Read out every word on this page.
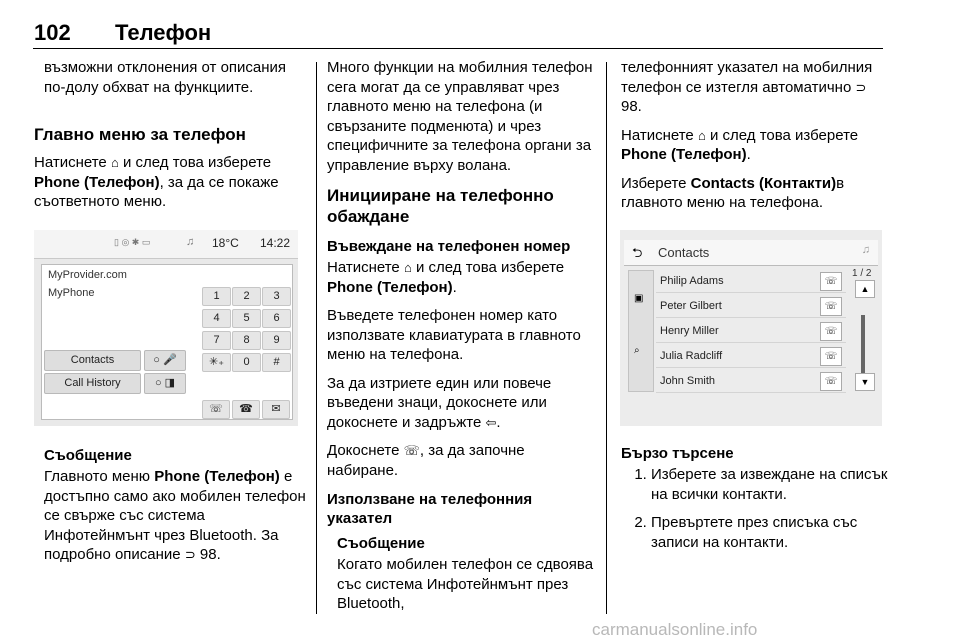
102 Телефон

възможни отклонения от описания по-долу обхват на функциите.

Главно меню за телефон

Натиснете ⌂ и след това изберете Phone (Телефон), за да се покаже съответното меню.

▯ ◎ ✱ ▭	♫ 18°C 14:22
MyProvider.com
MyPhone	1	2	3
4	5	6
7	8	9
✳₊	0	#
Contacts
Call History
○ 🎤
○ ◨
☏	☎	✉
Съобщение

Главното меню Phone (Телефон) е достъпно само ако мобилен телефон се свърже със система Инфотейнмънт чрез Bluetooth. За подробно описание ⊃ 98.

Много функции на мобилния телефон сега могат да се управляват чрез главното меню на телефона (и свързаните подменюта) и чрез специфичните за телефона органи за управление върху волана.

Иницииране на телефонно обаждане
Въвеждане на телефонен номер

Натиснете ⌂ и след това изберете Phone (Телефон).

Въведете телефонен номер като използвате клавиатурата в главното меню на телефона.

За да изтриете един или повече въведени знаци, докоснете или докоснете и задръжте ⇦.

Докоснете ☏, за да започне набиране.

Използване на телефонния указател
Съобщение

Когато мобилен телефон се сдвоява със система Инфотейнмънт през Bluetooth,

телефонният указател на мобилния телефон се изтегля автоматично ⊃ 98.

Натиснете ⌂ и след това изберете Phone (Телефон).

Изберете Contacts (Контакти)в главното меню на телефона.

⮌ Contacts	♫
▣
⌕
Philip Adams	☏
Peter Gilbert	☏
Henry Miller	☏
Julia Radcliff	☏
John Smith	☏
1 / 2
▲
▼
Бързо търсене
1. Изберете за извеждане на списък на всички контакти.
2. Превъртете през списъка със записи на контакти.
carmanualsonline.info
